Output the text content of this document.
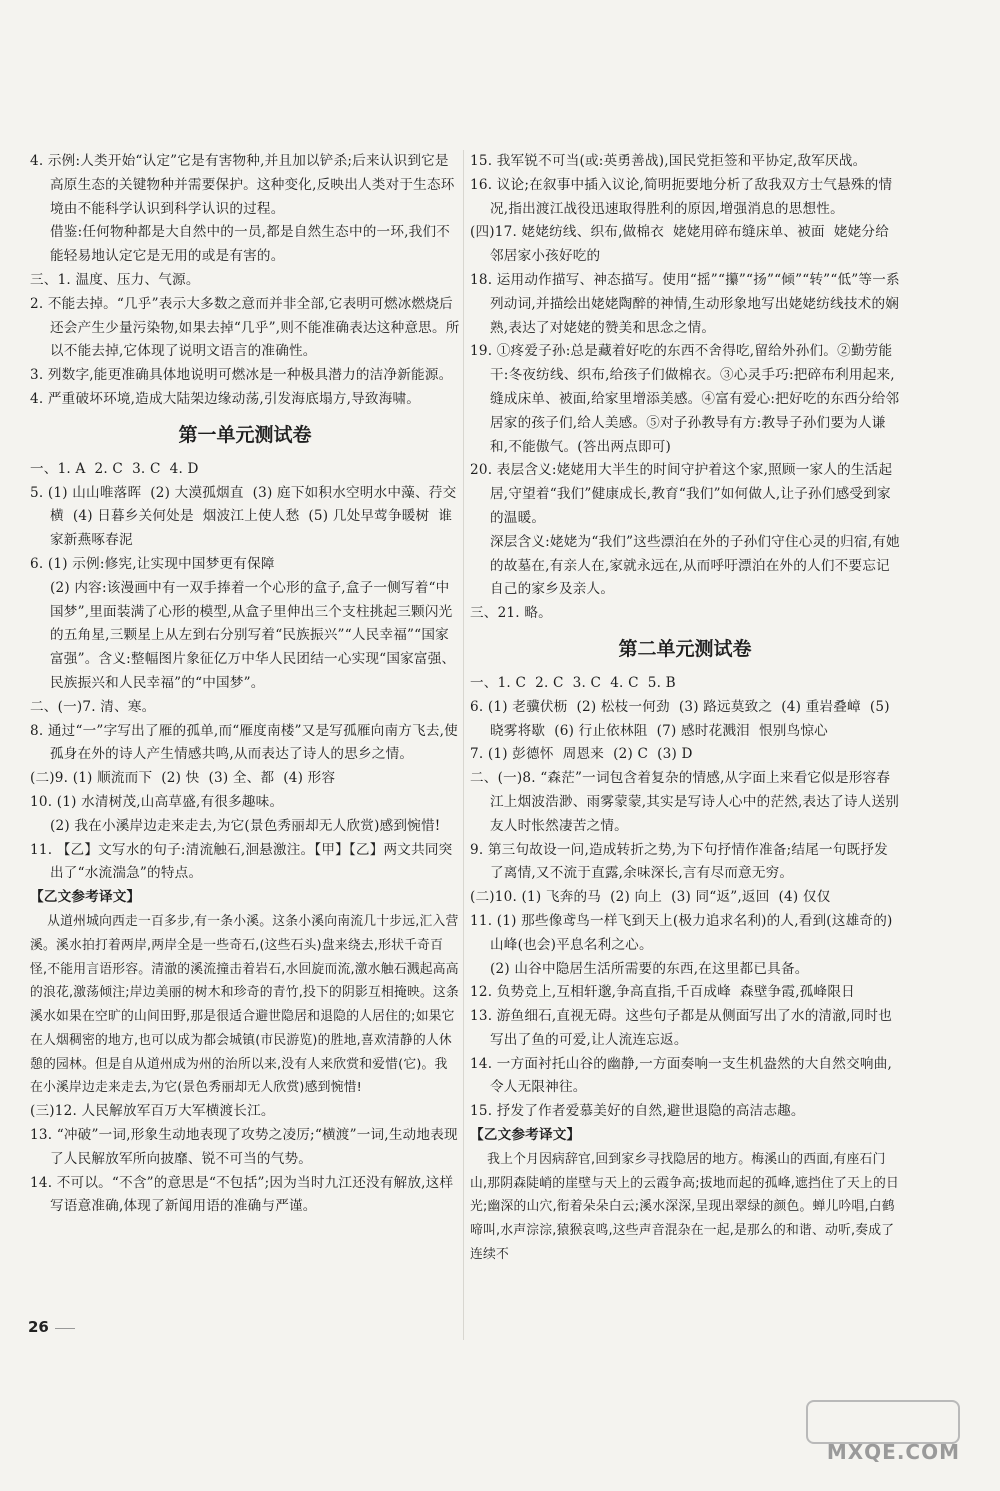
4. 示例:人类开始“认定”它是有害物种,并且加以铲杀;后来认识到它是高原生态的关键物种并需要保护。这种变化,反映出人类对于生态环境由不能科学认识到科学认识的过程。

借鉴:任何物种都是大自然中的一员,都是自然生态中的一环,我们不能轻易地认定它是无用的或是有害的。

三、1. 温度、压力、气源。

2. 不能去掉。“几乎”表示大多数之意而并非全部,它表明可燃冰燃烧后还会产生少量污染物,如果去掉“几乎”,则不能准确表达这种意思。所以不能去掉,它体现了说明文语言的准确性。

3. 列数字,能更准确具体地说明可燃冰是一种极具潜力的洁净新能源。

4. 严重破坏环境,造成大陆架边缘动荡,引发海底塌方,导致海啸。

第一单元测试卷

一、1. A  2. C  3. C  4. D

5. (1) 山山唯落晖  (2) 大漠孤烟直  (3) 庭下如积水空明水中藻、荇交横  (4) 日暮乡关何处是  烟波江上使人愁  (5) 几处早莺争暖树  谁家新燕啄春泥

6. (1) 示例:修宪,让实现中国梦更有保障

(2) 内容:该漫画中有一双手捧着一个心形的盒子,盒子一侧写着“中国梦”,里面装满了心形的模型,从盒子里伸出三个支柱挑起三颗闪光的五角星,三颗星上从左到右分别写着“民族振兴”“人民幸福”“国家富强”。含义:整幅图片象征亿万中华人民团结一心实现“国家富强、民族振兴和人民幸福”的“中国梦”。

二、(一)7. 清、寒。

8. 通过“一”字写出了雁的孤单,而“雁度南楼”又是写孤雁向南方飞去,使孤身在外的诗人产生情感共鸣,从而表达了诗人的思乡之情。

(二)9. (1) 顺流而下  (2) 快  (3) 全、都  (4) 形容

10. (1) 水清树茂,山高草盛,有很多趣味。

(2) 我在小溪岸边走来走去,为它(景色秀丽却无人欣赏)感到惋惜!

11. 【乙】文写水的句子:清流触石,洄悬激注。【甲】【乙】两文共同突出了“水流湍急”的特点。

【乙文参考译文】

从道州城向西走一百多步,有一条小溪。这条小溪向南流几十步远,汇入营溪。溪水拍打着两岸,两岸全是一些奇石,(这些石头)盘来绕去,形状千奇百怪,不能用言语形容。清澈的溪流撞击着岩石,水回旋而流,激水触石溅起高高的浪花,激荡倾注;岸边美丽的树木和珍奇的青竹,投下的阴影互相掩映。这条溪水如果在空旷的山间田野,那是很适合避世隐居和退隐的人居住的;如果它在人烟稠密的地方,也可以成为都会城镇(市民游览)的胜地,喜欢清静的人休憩的园林。但是自从道州成为州的治所以来,没有人来欣赏和爱惜(它)。我在小溪岸边走来走去,为它(景色秀丽却无人欣赏)感到惋惜!

(三)12. 人民解放军百万大军横渡长江。

13. “冲破”一词,形象生动地表现了攻势之凌厉;“横渡”一词,生动地表现了人民解放军所向披靡、锐不可当的气势。

14. 不可以。“不含”的意思是“不包括”;因为当时九江还没有解放,这样写语意准确,体现了新闻用语的准确与严谨。

15. 我军锐不可当(或:英勇善战),国民党拒签和平协定,敌军厌战。

16. 议论;在叙事中插入议论,简明扼要地分析了敌我双方士气悬殊的情况,指出渡江战役迅速取得胜利的原因,增强消息的思想性。

(四)17. 姥姥纺线、织布,做棉衣  姥姥用碎布缝床单、被面  姥姥分给邻居家小孩好吃的

18. 运用动作描写、神态描写。使用“摇”“攥”“扬”“倾”“转”“低”等一系列动词,并描绘出姥姥陶醉的神情,生动形象地写出姥姥纺线技术的娴熟,表达了对姥姥的赞美和思念之情。

19. ①疼爱子孙:总是藏着好吃的东西不舍得吃,留给外孙们。②勤劳能干:冬夜纺线、织布,给孩子们做棉衣。③心灵手巧:把碎布利用起来,缝成床单、被面,给家里增添美感。④富有爱心:把好吃的东西分给邻居家的孩子们,给人美感。⑤对子孙教导有方:教导子孙们要为人谦和,不能傲气。(答出两点即可)

20. 表层含义:姥姥用大半生的时间守护着这个家,照顾一家人的生活起居,守望着“我们”健康成长,教育“我们”如何做人,让子孙们感受到家的温暖。

深层含义:姥姥为“我们”这些漂泊在外的子孙们守住心灵的归宿,有她的故墓在,有亲人在,家就永远在,从而呼吁漂泊在外的人们不要忘记自己的家乡及亲人。

三、21. 略。

第二单元测试卷

一、1. C  2. C  3. C  4. C  5. B

6. (1) 老骥伏枥  (2) 松枝一何劲  (3) 路远莫致之  (4) 重岩叠嶂  (5) 晓雾将歇  (6) 行止依林阻  (7) 感时花溅泪  恨别鸟惊心

7. (1) 彭德怀  周恩来  (2) C  (3) D

二、(一)8. “森茫”一词包含着复杂的情感,从字面上来看它似是形容春江上烟波浩渺、雨雾蒙蒙,其实是写诗人心中的茫然,表达了诗人送别友人时怅然凄苦之情。

9. 第三句故设一问,造成转折之势,为下句抒情作准备;结尾一句既抒发了离情,又不流于直露,余味深长,言有尽而意无穷。

(二)10. (1) 飞奔的马  (2) 向上  (3) 同“返”,返回  (4) 仅仅

11. (1) 那些像鸢鸟一样飞到天上(极力追求名利)的人,看到(这雄奇的)山峰(也会)平息名利之心。

(2) 山谷中隐居生活所需要的东西,在这里都已具备。

12. 负势竞上,互相轩邈,争高直指,千百成峰  森壁争霞,孤峰限日

13. 游鱼细石,直视无碍。这些句子都是从侧面写出了水的清澈,同时也写出了鱼的可爱,让人流连忘返。

14. 一方面衬托山谷的幽静,一方面奏响一支生机盎然的大自然交响曲,令人无限神往。

15. 抒发了作者爱慕美好的自然,避世退隐的高洁志趣。

【乙文参考译文】

我上个月因病辞官,回到家乡寻找隐居的地方。梅溪山的西面,有座石门山,那阴森陡峭的崖壁与天上的云霞争高;拔地而起的孤峰,遮挡住了天上的日光;幽深的山穴,衔着朵朵白云;溪水深深,呈现出翠绿的颜色。蝉儿吟唱,白鹤啼叫,水声淙淙,猿猴哀鸣,这些声音混杂在一起,是那么的和谐、动听,奏成了连续不

26
MXQE.COM
